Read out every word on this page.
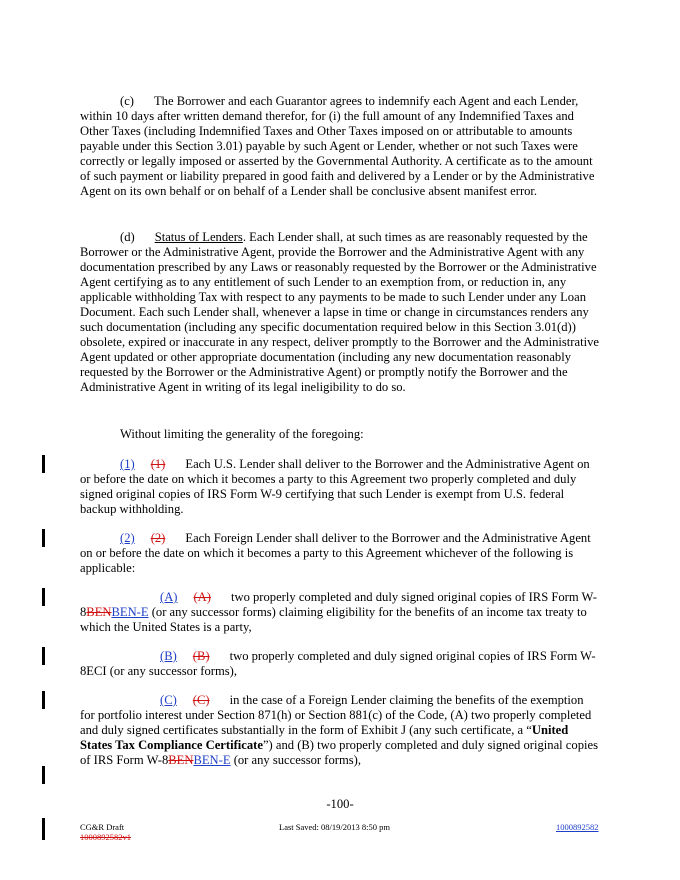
(c) The Borrower and each Guarantor agrees to indemnify each Agent and each Lender, within 10 days after written demand therefor, for (i) the full amount of any Indemnified Taxes and Other Taxes (including Indemnified Taxes and Other Taxes imposed on or attributable to amounts payable under this Section 3.01) payable by such Agent or Lender, whether or not such Taxes were correctly or legally imposed or asserted by the Governmental Authority. A certificate as to the amount of such payment or liability prepared in good faith and delivered by a Lender or by the Administrative Agent on its own behalf or on behalf of a Lender shall be conclusive absent manifest error.

(d) Status of Lenders. Each Lender shall, at such times as are reasonably requested by the Borrower or the Administrative Agent, provide the Borrower and the Administrative Agent with any documentation prescribed by any Laws or reasonably requested by the Borrower or the Administrative Agent certifying as to any entitlement of such Lender to an exemption from, or reduction in, any applicable withholding Tax with respect to any payments to be made to such Lender under any Loan Document. Each such Lender shall, whenever a lapse in time or change in circumstances renders any such documentation (including any specific documentation required below in this Section 3.01(d)) obsolete, expired or inaccurate in any respect, deliver promptly to the Borrower and the Administrative Agent updated or other appropriate documentation (including any new documentation reasonably requested by the Borrower or the Administrative Agent) or promptly notify the Borrower and the Administrative Agent in writing of its legal ineligibility to do so.

Without limiting the generality of the foregoing:

(1) (1) Each U.S. Lender shall deliver to the Borrower and the Administrative Agent on or before the date on which it becomes a party to this Agreement two properly completed and duly signed original copies of IRS Form W-9 certifying that such Lender is exempt from U.S. federal backup withholding.

(2) (2) Each Foreign Lender shall deliver to the Borrower and the Administrative Agent on or before the date on which it becomes a party to this Agreement whichever of the following is applicable:

(A) (A) two properly completed and duly signed original copies of IRS Form W-8BENBEN-E (or any successor forms) claiming eligibility for the benefits of an income tax treaty to which the United States is a party,

(B) (B) two properly completed and duly signed original copies of IRS Form W-8ECI (or any successor forms),

(C) (C) in the case of a Foreign Lender claiming the benefits of the exemption for portfolio interest under Section 871(h) or Section 881(c) of the Code, (A) two properly completed and duly signed certificates substantially in the form of Exhibit J (any such certificate, a “United States Tax Compliance Certificate”) and (B) two properly completed and duly signed original copies of IRS Form W-8BENBEN-E (or any successor forms),

-100-
CG&R Draft
100089258​2v1
Last Saved: 08/19/2013 8:50 pm	1000892582
